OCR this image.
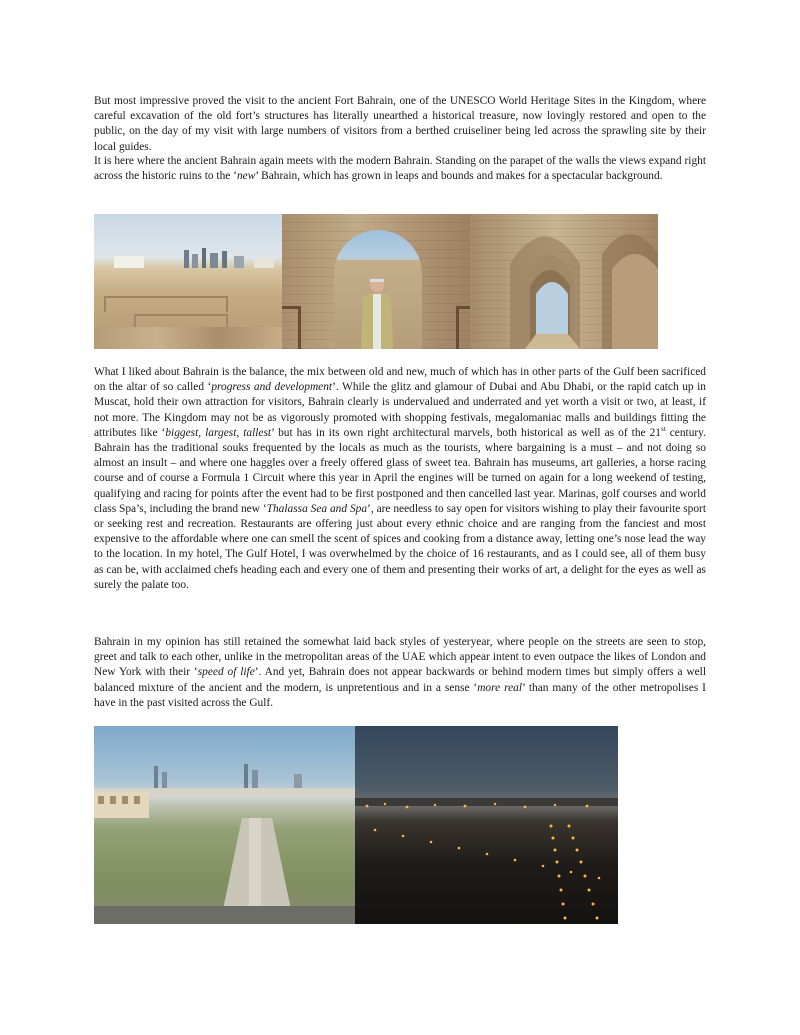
But most impressive proved the visit to the ancient Fort Bahrain, one of the UNESCO World Heritage Sites in the Kingdom, where careful excavation of the old fort’s structures has literally unearthed a historical treasure, now lovingly restored and open to the public, on the day of my visit with large numbers of visitors from a berthed cruiseliner being led across the sprawling site by their local guides.

It is here where the ancient Bahrain again meets with the modern Bahrain. Standing on the parapet of the walls the views expand right across the historic ruins to the ‘new’ Bahrain, which has grown in leaps and bounds and makes for a spectacular background.

What I liked about Bahrain is the balance, the mix between old and new, much of which has in other parts of the Gulf been sacrificed on the altar of so called ‘progress and development’. While the glitz and glamour of Dubai and Abu Dhabi, or the rapid catch up in Muscat, hold their own attraction for visitors, Bahrain clearly is undervalued and underrated and yet worth a visit or two, at least, if not more. The Kingdom may not be as vigorously promoted with shopping festivals, megalomaniac malls and buildings fitting the attributes like ‘biggest, largest, tallest’ but has in its own right architectural marvels, both historical as well as of the 21st century. Bahrain has the traditional souks frequented by the locals as much as the tourists, where bargaining is a must – and not doing so almost an insult – and where one haggles over a freely offered glass of sweet tea. Bahrain has museums, art galleries, a horse racing course and of course a Formula 1 Circuit where this year in April the engines will be turned on again for a long weekend of testing, qualifying and racing for points after the event had to be first postponed and then cancelled last year. Marinas, golf courses and world class Spa’s, including the brand new ‘Thalassa Sea and Spa’, are needless to say open for visitors wishing to play their favourite sport or seeking rest and recreation. Restaurants are offering just about every ethnic choice and are ranging from the fanciest and most expensive to the affordable where one can smell the scent of spices and cooking from a distance away, letting one’s nose lead the way to the location. In my hotel, The Gulf Hotel, I was overwhelmed by the choice of 16 restaurants, and as I could see, all of them busy as can be, with acclaimed chefs heading each and every one of them and presenting their works of art, a delight for the eyes as well as surely the palate too.

Bahrain in my opinion has still retained the somewhat laid back styles of yesteryear, where people on the streets are seen to stop, greet and talk to each other, unlike in the metropolitan areas of the UAE which appear intent to even outpace the likes of London and New York with their ‘speed of life’. And yet, Bahrain does not appear backwards or behind modern times but simply offers a well balanced mixture of the ancient and the modern, is unpretentious and in a sense ‘more real’ than many of the other metropolises I have in the past visited across the Gulf.
